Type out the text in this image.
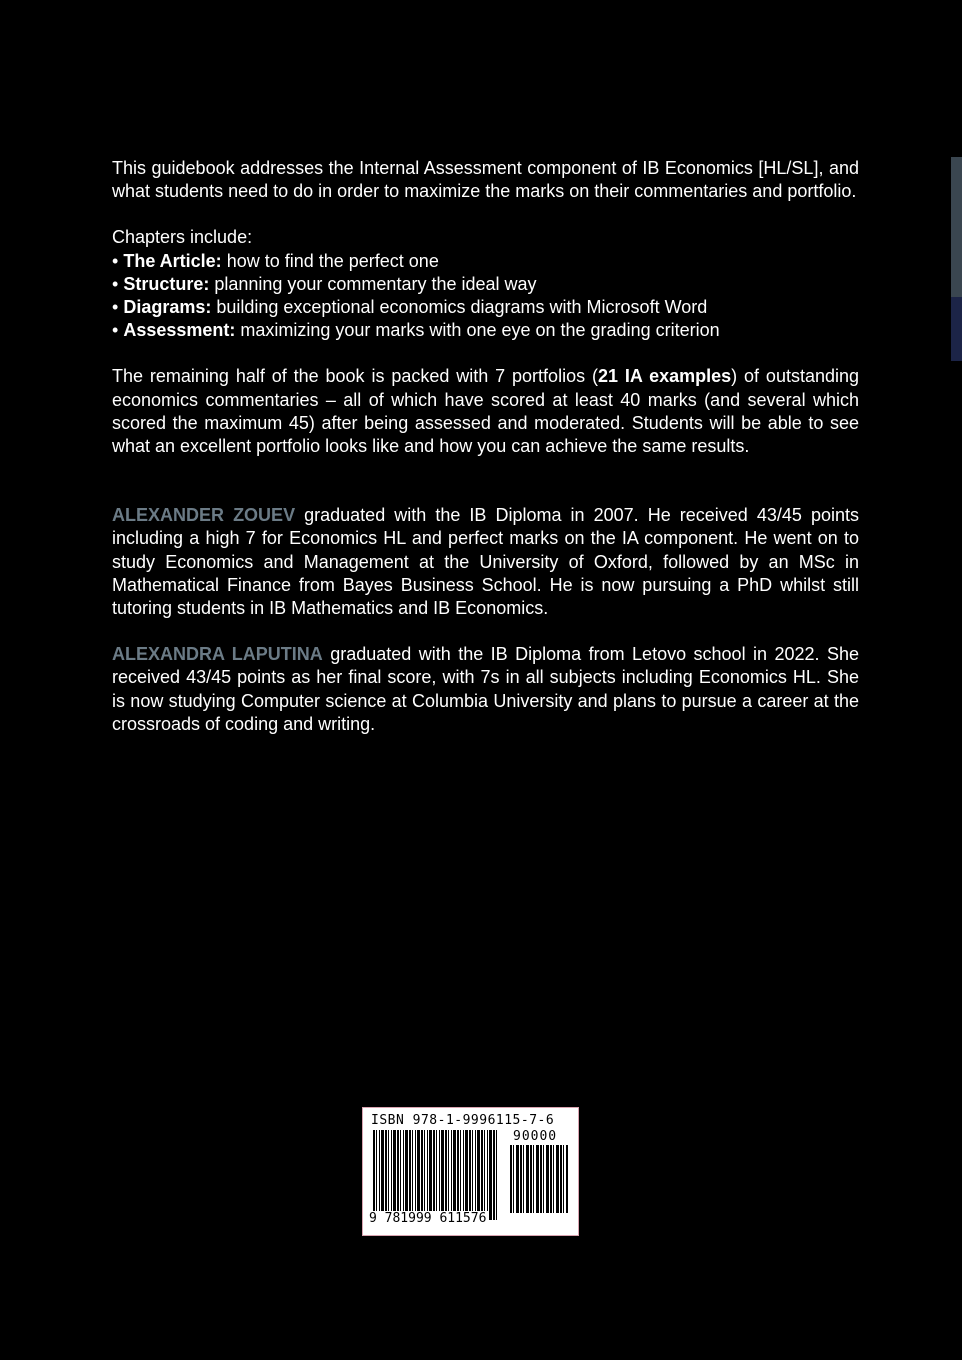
This guidebook addresses the Internal Assessment component of IB Economics [HL/SL], and what students need to do in order to maximize the marks on their commentaries and portfolio.

Chapters include:

• The Article: how to find the perfect one
• Structure: planning your commentary the ideal way
• Diagrams: building exceptional economics diagrams with Microsoft Word
• Assessment: maximizing your marks with one eye on the grading criterion

The remaining half of the book is packed with 7 portfolios (21 IA examples) of outstanding economics commentaries – all of which have scored at least 40 marks (and several which scored the maximum 45) after being assessed and moderated. Students will be able to see what an excellent portfolio looks like and how you can achieve the same results.

ALEXANDER ZOUEV graduated with the IB Diploma in 2007. He received 43/45 points including a high 7 for Economics HL and perfect marks on the IA component. He went on to study Economics and Management at the University of Oxford, followed by an MSc in Mathematical Finance from Bayes Business School. He is now pursuing a PhD whilst still tutoring students in IB Mathematics and IB Economics.

ALEXANDRA LAPUTINA graduated with the IB Diploma from Letovo school in 2022. She received 43/45 points as her final score, with 7s in all subjects including Economics HL. She is now studying Computer science at Columbia University and plans to pursue a career at the crossroads of coding and writing.

ISBN 978-1-9996115-7-6
90000
9 781999 611576
